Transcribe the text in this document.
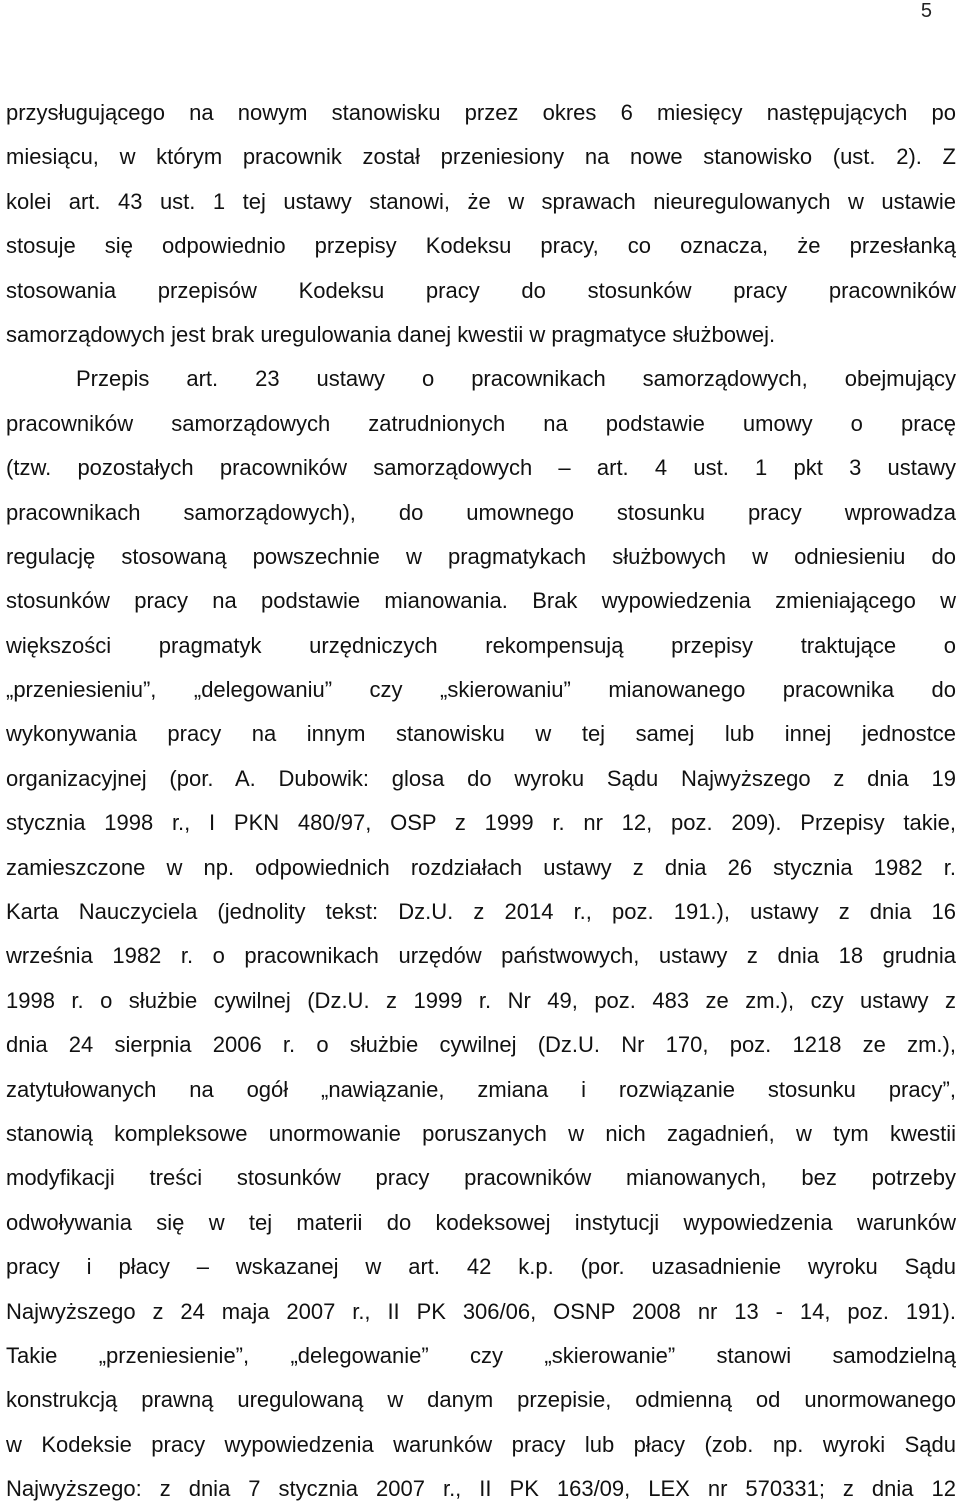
5
przysługującego na nowym stanowisku przez okres 6 miesięcy następujących po
miesiącu, w którym pracownik został przeniesiony na nowe stanowisko (ust. 2). Z
kolei art. 43 ust. 1 tej ustawy stanowi, że w sprawach nieuregulowanych w ustawie
stosuje się odpowiednio przepisy Kodeksu pracy, co oznacza, że przesłanką
stosowania przepisów Kodeksu pracy do stosunków pracy pracowników
samorządowych jest brak uregulowania danej kwestii w pragmatyce służbowej.
Przepis art. 23 ustawy o pracownikach samorządowych, obejmujący
pracowników samorządowych zatrudnionych na podstawie umowy o pracę
(tzw. pozostałych pracowników samorządowych – art. 4 ust. 1 pkt 3 ustawy
pracownikach samorządowych), do umownego stosunku pracy wprowadza
regulację stosowaną powszechnie w pragmatykach służbowych w odniesieniu do
stosunków pracy na podstawie mianowania. Brak wypowiedzenia zmieniającego w
większości pragmatyk urzędniczych rekompensują przepisy traktujące o
„przeniesieniu”, „delegowaniu” czy „skierowaniu” mianowanego pracownika do
wykonywania pracy na innym stanowisku w tej samej lub innej jednostce
organizacyjnej (por. A. Dubowik: glosa do wyroku Sądu Najwyższego z dnia 19
stycznia 1998 r., I PKN 480/97, OSP z 1999 r. nr 12, poz. 209). Przepisy takie,
zamieszczone w np. odpowiednich rozdziałach ustawy z dnia 26 stycznia 1982 r.
Karta Nauczyciela (jednolity tekst: Dz.U. z 2014 r., poz. 191.), ustawy z dnia 16
września 1982 r. o pracownikach urzędów państwowych, ustawy z dnia 18 grudnia
1998 r. o służbie cywilnej (Dz.U. z 1999 r. Nr 49, poz. 483 ze zm.), czy ustawy z
dnia 24 sierpnia 2006 r. o służbie cywilnej (Dz.U. Nr 170, poz. 1218 ze zm.),
zatytułowanych na ogół „nawiązanie, zmiana i rozwiązanie stosunku pracy”,
stanowią kompleksowe unormowanie poruszanych w nich zagadnień, w tym kwestii
modyfikacji treści stosunków pracy pracowników mianowanych, bez potrzeby
odwoływania się w tej materii do kodeksowej instytucji wypowiedzenia warunków
pracy i płacy – wskazanej w art. 42 k.p. (por. uzasadnienie wyroku Sądu
Najwyższego z 24 maja 2007 r., II PK 306/06, OSNP 2008 nr 13 - 14, poz. 191).
Takie „przeniesienie”, „delegowanie” czy „skierowanie” stanowi samodzielną
konstrukcją prawną uregulowaną w danym przepisie, odmienną od unormowanego
w Kodeksie pracy wypowiedzenia warunków pracy lub płacy (zob. np. wyroki Sądu
Najwyższego: z dnia 7 stycznia 2007 r., II PK 163/09, LEX nr 570331; z dnia 12
